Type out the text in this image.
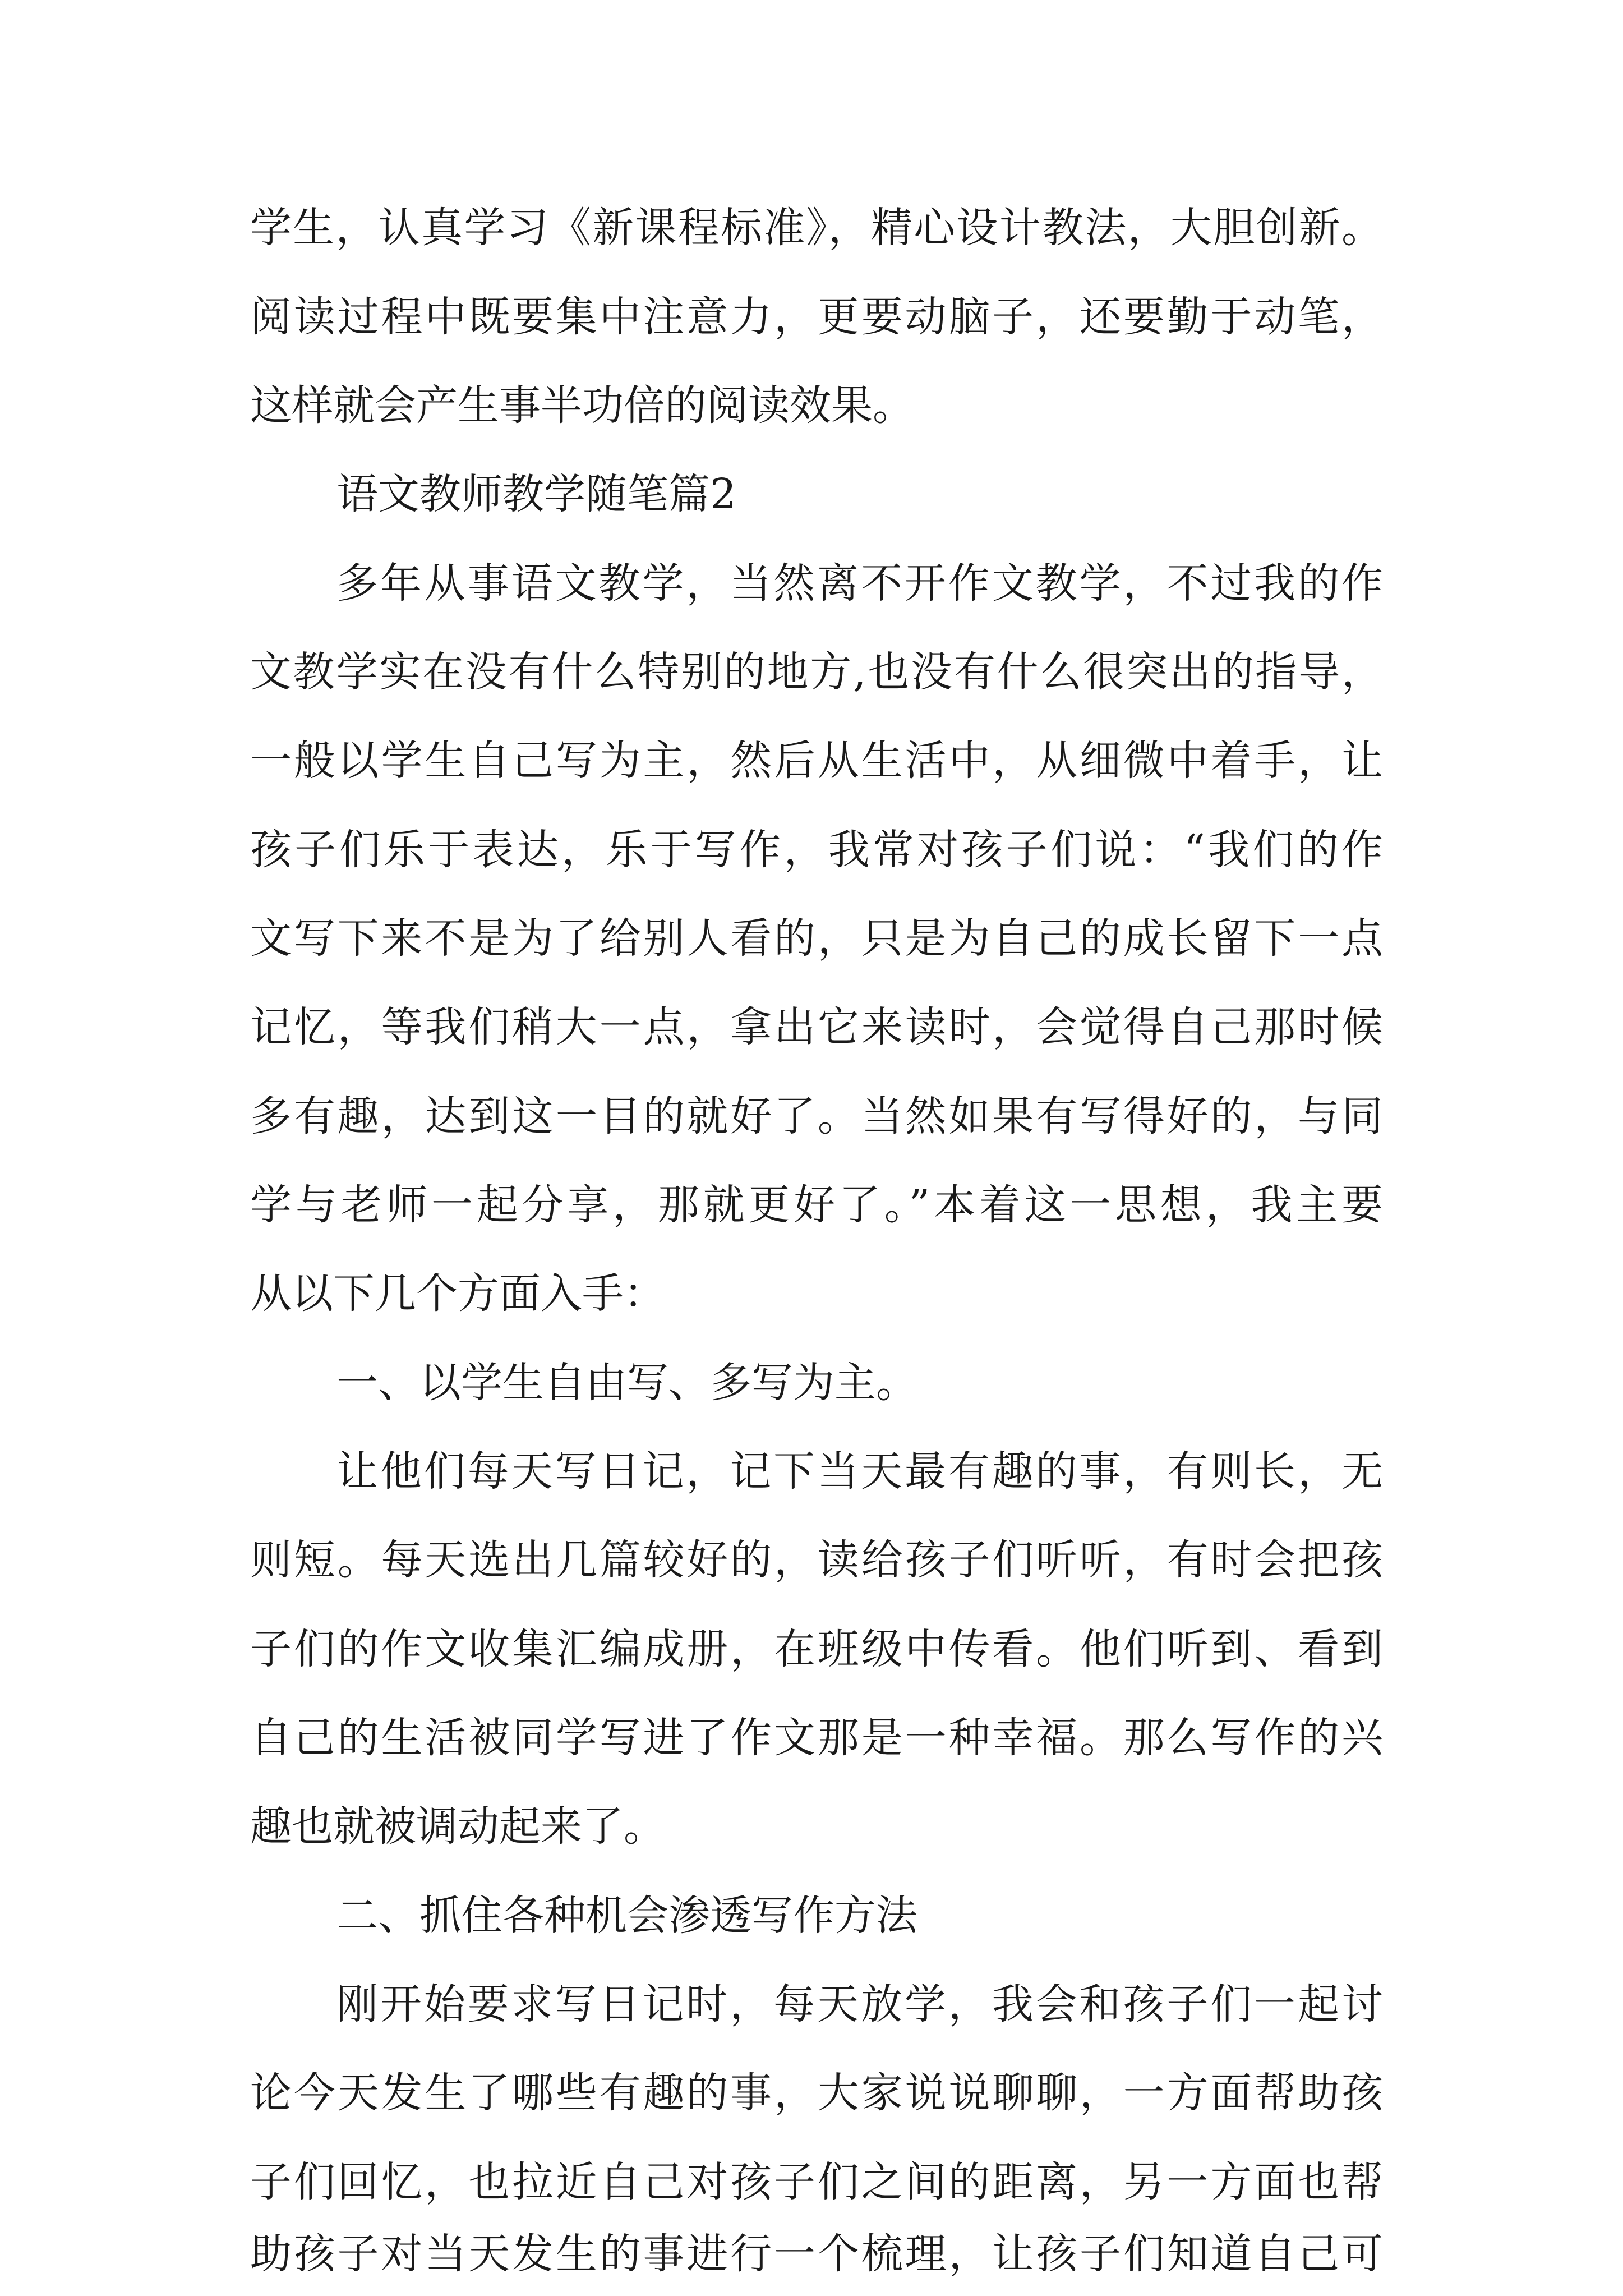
学生，认真学习《新课程标准》，精心设计教法，大胆创新。
阅读过程中既要集中注意力，更要动脑子，还要勤于动笔，
这样就会产生事半功倍的阅读效果。
语文教师教学随笔篇2
多年从事语文教学，当然离不开作文教学，不过我的作
文教学实在没有什么特别的地方,也没有什么很突出的指导，
一般以学生自己写为主，然后从生活中，从细微中着手，让
孩子们乐于表达，乐于写作，我常对孩子们说：“我们的作
文写下来不是为了给别人看的，只是为自己的成长留下一点
记忆，等我们稍大一点，拿出它来读时，会觉得自己那时候
多有趣，达到这一目的就好了。当然如果有写得好的，与同
学与老师一起分享，那就更好了。”本着这一思想，我主要
从以下几个方面入手：
一、以学生自由写、多写为主。
让他们每天写日记，记下当天最有趣的事，有则长，无
则短。每天选出几篇较好的，读给孩子们听听，有时会把孩
子们的作文收集汇编成册，在班级中传看。他们听到、看到
自己的生活被同学写进了作文那是一种幸福。那么写作的兴
趣也就被调动起来了。
二、抓住各种机会渗透写作方法
刚开始要求写日记时，每天放学，我会和孩子们一起讨
论今天发生了哪些有趣的事，大家说说聊聊，一方面帮助孩
子们回忆，也拉近自己对孩子们之间的距离，另一方面也帮
助孩子对当天发生的事进行一个梳理，让孩子们知道自己可
